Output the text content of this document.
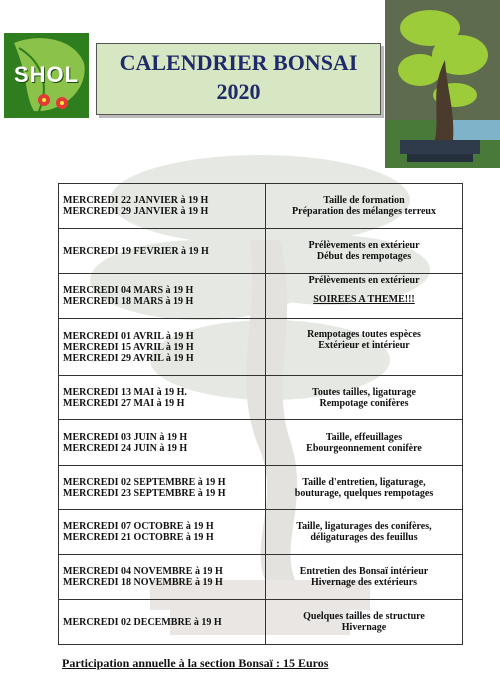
SHOL	CALENDRIER BONSAI
2020
MERCREDI 22 JANVIER à 19 H
MERCREDI 29 JANVIER à 19 H	Taille de formation
Préparation des mélanges terreux

MERCREDI 19 FEVRIER à 19 H	Prélèvements en extérieur
Début des rempotages

MERCREDI 04 MARS à 19 H
MERCREDI 18 MARS à 19 H	Prélèvements en extérieur
SOIREES A THEME!!!

MERCREDI 01 AVRIL à 19 H
MERCREDI 15 AVRIL à 19 H
MERCREDI 29 AVRIL à 19 H	Rempotages toutes espèces
Extérieur et intérieur

MERCREDI 13 MAI à 19 H.
MERCREDI 27 MAI à 19 H	Toutes tailles, ligaturage
Rempotage conifères

MERCREDI 03 JUIN à 19 H
MERCREDI 24 JUIN à 19 H	Taille, effeuillages
Ebourgeonnement conifère

MERCREDI 02 SEPTEMBRE à 19 H
MERCREDI 23 SEPTEMBRE à 19 H	Taille d'entretien, ligaturage,
bouturage, quelques rempotages

MERCREDI 07 OCTOBRE à 19 H
MERCREDI 21 OCTOBRE à 19 H	Taille, ligaturages des conifères,
déligaturages des feuillus

MERCREDI 04 NOVEMBRE à 19 H
MERCREDI 18 NOVEMBRE à 19 H	Entretien des Bonsaï intérieur
Hivernage des extérieurs

MERCREDI 02 DECEMBRE à 19 H	Quelques tailles de structure
Hivernage
Participation annuelle à la section Bonsaï : 15 Euros
